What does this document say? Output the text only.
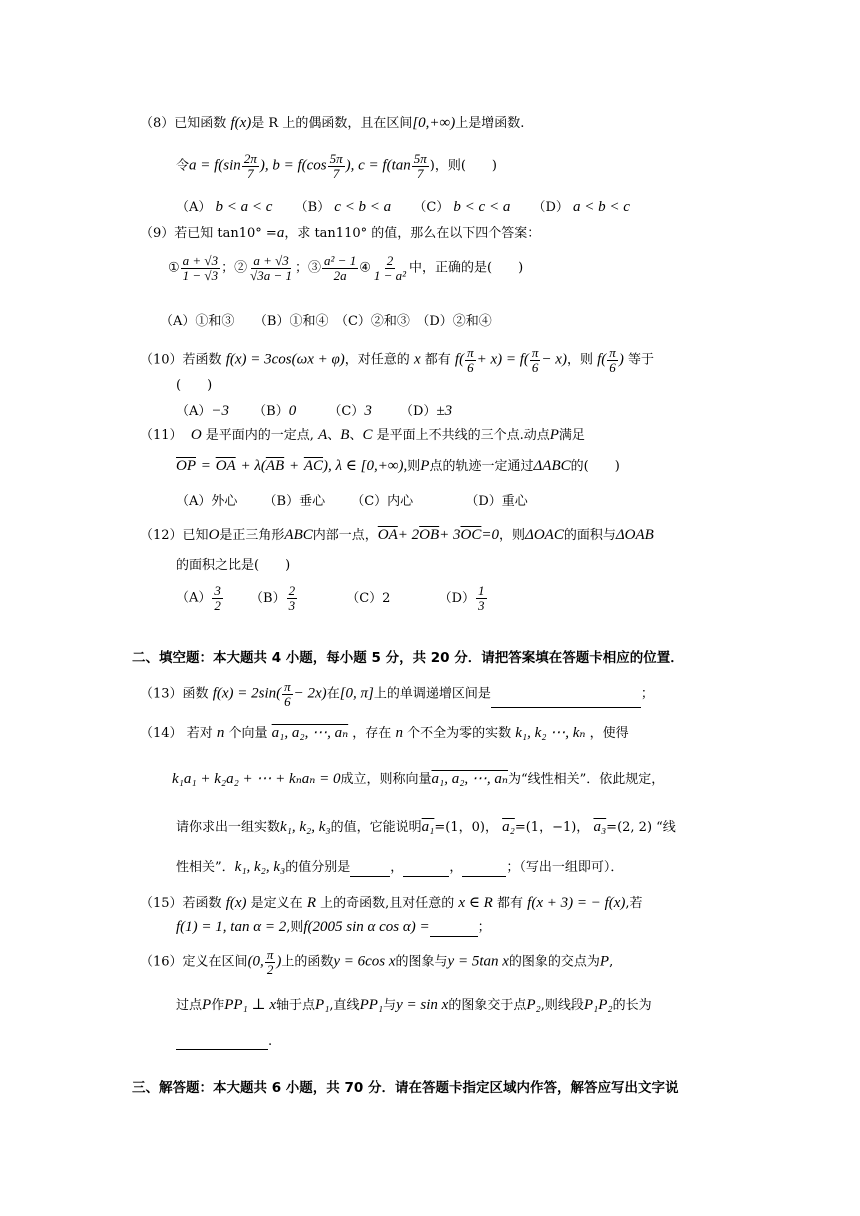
（8）已知函数 f(x)是 R 上的偶函数，且在区间[0,+∞)上是增函数.
令$a = f(\sin \frac{2\pi}{7}$ ), $b = f(\cos \frac{5\pi}{7}$ ), $c = f(\tan \frac{5\pi}{7}$ )，则(　　)
（A） b < a < c （B） c < b < a （C） b < c < a （D） a < b < c
（9）若已知 tan10° =a，求 tan110° 的值，那么在以下四个答案：
① $\frac{a + √3}{1 - √3}$ ；② $\frac{a + √3}{√3a - 1}$ ；③ $\frac{\text{a² − 1}}{2a}$ ④ $\frac{2}{\text{1 − a²}}$ 中，正确的是(　　)
（A）①和③　　（B）①和④　（C）②和③　（D）②和④
（10）若函数 f(x) = 3cos(ωx + φ)，对任意的 x 都有 $f( \frac{\pi}{6} + x) = f( \frac{\pi}{6} - x)$，则 $f( \frac{\pi}{6}$ ) 等于
(　　)
（A）−3 （B）0 （C）3 （D）±3
（11） O 是平面内的一定点, A、B、C 是平面上不共线的三个点.动点P满足
$\overline{OP} = \overline{OA} + \lambda(\overline{AB} + \overline{AC})$, λ ∈ [0,+∞),则P点的轨迹一定通过ΔABC的(　　)
（A）外心 （B）垂心 （C）内心	（D）重心
（12）已知O是正三角形ABC内部一点，$\overline{OA}+ 2\overline{OB}+ 3\overline{OC}=0$，则ΔOAC的面积与ΔOAB
的面积之比是(　　)
$(A) \frac{3}{2} (B) \frac{2}{3}$	（C）2	$(D) \frac{1}{3}$
二、填空题：本大题共 4 小题，每小题 5 分，共 20 分．请把答案填在答题卡相应的位置．
（13）函数 $f(x) = 2\sin( \frac{\pi}{6} - 2x)$在[0, π]上的单调递增区间是	；
（14） 若对 n 个向量 a₁, a₂, ⋯, aₙ ，存在 n 个不全为零的实数 k₁, k₂ ⋯, kₙ ，使得
k₁a₁ + k₂a₂ + ⋯ + kₙaₙ = 0成立，则称向量a₁, a₂, ⋯, aₙ为“线性相关”．依此规定，
请你求出一组实数k₁, k₂, k₃的值，它能说明a₁=(1，0)， a₂=(1，−1)， a₃=(2, 2) “线
性相关”．k₁, k₂, k₃的值分别是	，	，	；（写出一组即可）．
（15）若函数 f(x) 是定义在 R 上的奇函数,且对任意的 x ∈ R 都有 f(x + 3) = − f(x),若
f(1) = 1, tan α = 2,则f(2005 sin α cos α) =	；
（16）定义在区间(0, $\frac{\pi}{2}$ )上的函数y = 6cos x的图象与y = 5tan x的图象的交点为P,
过点P作PP₁ ⊥ x轴于点P₁,直线PP₁与y = sin x的图象交于点P₂,则线段P₁P₂的长为
.
三、解答题：本大题共 6 小题，共 70 分．请在答题卡指定区域内作答，解答应写出文字说
